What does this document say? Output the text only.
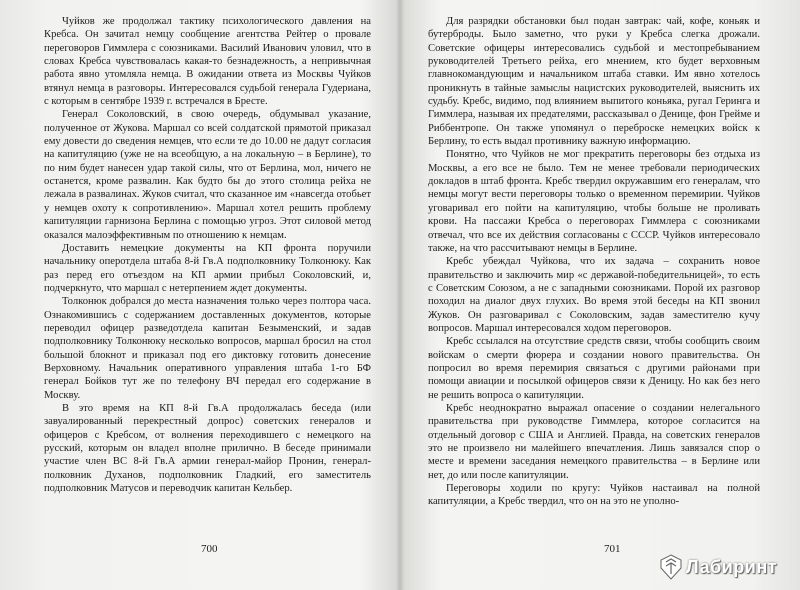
Чуйков же продолжал тактику психологического давления на Кребса. Он зачитал немцу сообщение агентства Рейтер о провале переговоров Гиммлера с союзниками. Василий Иванович уловил, что в словах Кребса чувствовалась какая-то безнадежность, а непривычная работа явно утомляла немца. В ожидании ответа из Москвы Чуйков втянул немца в разговоры. Интересовался судьбой генерала Гудериана, с которым в сентябре 1939 г. встречался в Бресте.

Генерал Соколовский, в свою очередь, обдумывал указание, полученное от Жукова. Маршал со всей солдатской прямотой приказал ему довести до сведения немцев, что если те до 10.00 не дадут согласия на капитуляцию (уже не на всеобщую, а на локальную – в Берлине), то по ним будет нанесен удар такой силы, что от Берлина, мол, ничего не останется, кроме развалин. Как будто бы до этого столица рейха не лежала в развалинах. Жуков считал, что сказанное им «навсегда отобьет у немцев охоту к сопротивлению». Маршал хотел решить проблему капитуляции гарнизона Берлина с помощью угроз. Этот силовой метод оказался малоэффективным по отношению к немцам.

Доставить немецкие документы на КП фронта поручили начальнику оперотдела штаба 8-й Гв.А подполковнику Толконюку. Как раз перед его отъездом на КП армии прибыл Соколовский, и, подчеркнуто, что маршал с нетерпением ждет документы.

Толконюк добрался до места назначения только через полтора часа. Ознакомившись с содержанием доставленных документов, которые переводил офицер разведотдела капитан Безыменский, и задав подполковнику Толконюку несколько вопросов, маршал бросил на стол большой блокнот и приказал под его диктовку готовить донесение Верховному. Начальник оперативного управления штаба 1-го БФ генерал Бойков тут же по телефону ВЧ передал его содержание в Москву.

В это время на КП 8-й Гв.А продолжалась беседа (или завуалированный перекрестный допрос) советских генералов и офицеров с Кребсом, от волнения переходившего с немецкого на русский, которым он владел вполне прилично. В беседе принимали участие член ВС 8-й Гв.А армии генерал-майор Пронин, генерал-полковник Духанов, подполковник Гладкий, его заместитель подполковник Матусов и переводчик капитан Кельбер.

700

Для разрядки обстановки был подан завтрак: чай, кофе, коньяк и бутерброды. Было заметно, что руки у Кребса слегка дрожали. Советские офицеры интересовались судьбой и местопребыванием руководителей Третьего рейха, его мнением, кто будет верховным главнокомандующим и начальником штаба ставки. Им явно хотелось проникнуть в тайные замыслы нацистских руководителей, выяснить их судьбу. Кребс, видимо, под влиянием выпитого коньяка, ругал Геринга и Гиммлера, называя их предателями, рассказывал о Денице, фон Грейме и Риббентропе. Он также упомянул о переброске немецких войск к Берлину, то есть выдал противнику важную информацию.

Понятно, что Чуйков не мог прекратить переговоры без отдыха из Москвы, а его все не было. Тем не менее требовали периодических докладов в штаб фронта. Кребс твердил окружавшим его генералам, что немцы могут вести переговоры только о временном перемирии. Чуйков уговаривал его пойти на капитуляцию, чтобы больше не проливать крови. На пассажи Кребса о переговорах Гиммлера с союзниками отвечал, что все их действия согласованы с СССР. Чуйков интересовало также, на что рассчитывают немцы в Берлине.

Кребс убеждал Чуйкова, что их задача – сохранить новое правительство и заключить мир «с державой-победительницей», то есть с Советским Союзом, а не с западными союзниками. Порой их разговор походил на диалог двух глухих. Во время этой беседы на КП звонил Жуков. Он разговаривал с Соколовским, задав заместителю кучу вопросов. Маршал интересовался ходом переговоров.

Кребс ссылался на отсутствие средств связи, чтобы сообщить своим войскам о смерти фюрера и создании нового правительства. Он попросил во время перемирия связаться с другими районами при помощи авиации и посылкой офицеров связи к Деницу. Но как без него не решить вопроса о капитуляции.

Кребс неоднократно выражал опасение о создании нелегального правительства при руководстве Гиммлера, которое согласится на отдельный договор с США и Англией. Правда, на советских генералов это не произвело ни малейшего впечатления. Лишь завязался спор о месте и времени заседания немецкого правительства – в Берлине или нет, до или после капитуляции.

Переговоры ходили по кругу: Чуйков настаивал на полной капитуляции, а Кребс твердил, что он на это не уполно-

701
Лабиринт
